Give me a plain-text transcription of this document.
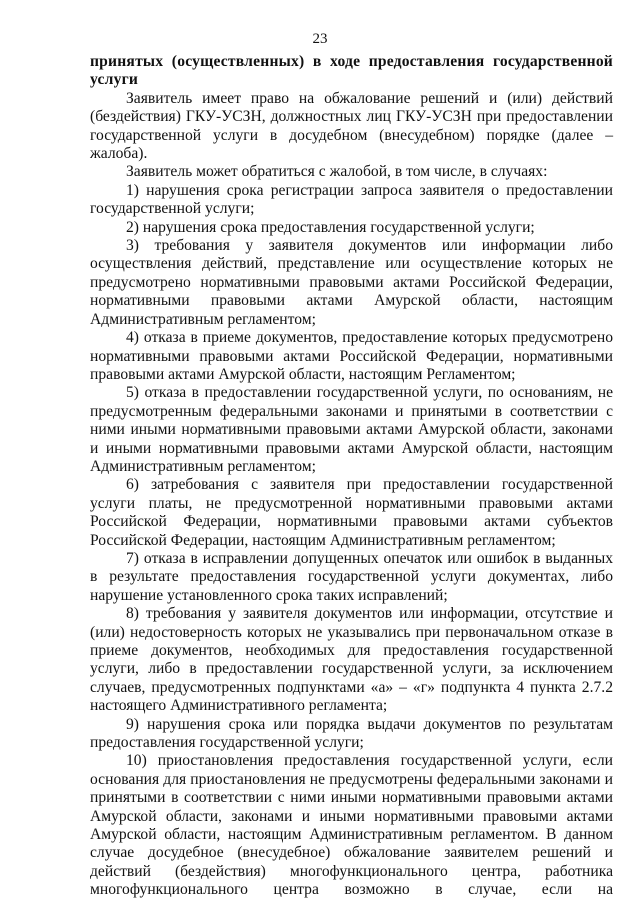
23

принятых (осуществленных) в ходе предоставления государственной услуги

Заявитель имеет право на обжалование решений и (или) действий (бездействия) ГКУ-УСЗН, должностных лиц ГКУ-УСЗН при предоставлении государственной услуги в досудебном (внесудебном) порядке (далее – жалоба).

Заявитель может обратиться с жалобой, в том числе, в случаях:

1) нарушения срока регистрации запроса заявителя о предоставлении государственной услуги;

2) нарушения срока предоставления государственной услуги;

3) требования у заявителя документов или информации либо осуществления действий, представление или осуществление которых не предусмотрено нормативными правовыми актами Российской Федерации, нормативными правовыми актами Амурской области, настоящим Административным регламентом;

4) отказа в приеме документов, предоставление которых предусмотрено нормативными правовыми актами Российской Федерации, нормативными правовыми актами Амурской области, настоящим Регламентом;

5) отказа в предоставлении государственной услуги, по основаниям, не предусмотренным федеральными законами и принятыми в соответствии с ними иными нормативными правовыми актами Амурской области, законами и иными нормативными правовыми актами Амурской области, настоящим Административным регламентом;

6) затребования с заявителя при предоставлении государственной услуги платы, не предусмотренной нормативными правовыми актами Российской Федерации, нормативными правовыми актами субъектов Российской Федерации, настоящим Административным регламентом;

7) отказа в исправлении допущенных опечаток или ошибок в выданных в результате предоставления государственной услуги документах, либо нарушение установленного срока таких исправлений;

8) требования у заявителя документов или информации, отсутствие и (или) недостоверность которых не указывались при первоначальном отказе в приеме документов, необходимых для предоставления государственной услуги, либо в предоставлении государственной услуги, за исключением случаев, предусмотренных подпунктами «а» – «г» подпункта 4 пункта 2.7.2 настоящего Административного регламента;

9) нарушения срока или порядка выдачи документов по результатам предоставления государственной услуги;

10) приостановления предоставления государственной услуги, если основания для приостановления не предусмотрены федеральными законами и принятыми в соответствии с ними иными нормативными правовыми актами Амурской области, законами и иными нормативными правовыми актами Амурской области, настоящим Административным регламентом. В данном случае досудебное (внесудебное) обжалование заявителем решений и действий (бездействия) многофункционального центра, работника многофункционального центра возможно в случае, если на
